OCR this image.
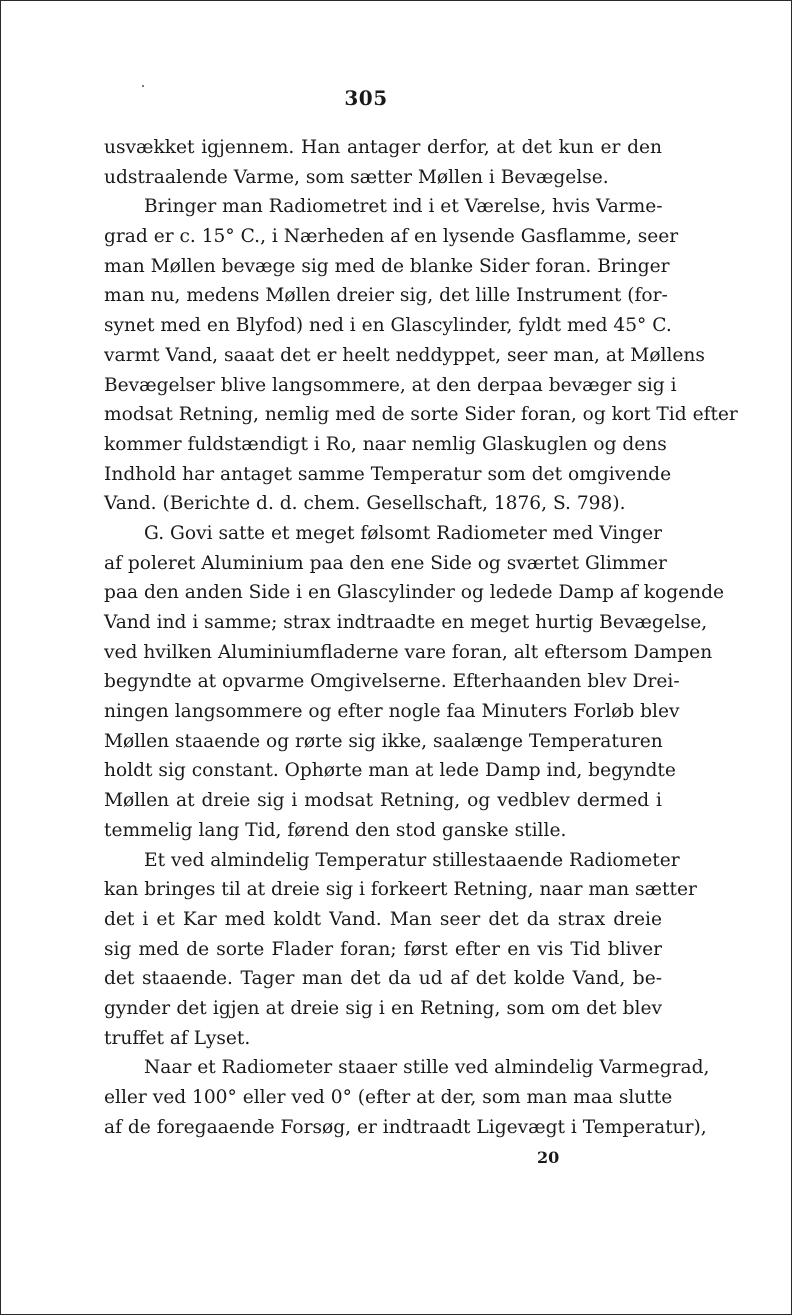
305
usvækket igjennem. Han antager derfor, at det kun er den
udstraalende Varme, som sætter Møllen i Bevægelse.
Bringer man Radiometret ind i et Værelse, hvis Varme-
grad er c. 15° C., i Nærheden af en lysende Gasflamme, seer
man Møllen bevæge sig med de blanke Sider foran. Bringer
man nu, medens Møllen dreier sig, det lille Instrument (for-
synet med en Blyfod) ned i en Glascylinder, fyldt med 45° C.
varmt Vand, saaat det er heelt neddyppet, seer man, at Møllens
Bevægelser blive langsommere, at den derpaa bevæger sig i
modsat Retning, nemlig med de sorte Sider foran, og kort Tid efter
kommer fuldstændigt i Ro, naar nemlig Glaskuglen og dens
Indhold har antaget samme Temperatur som det omgivende
Vand. (Berichte d. d. chem. Gesellschaft, 1876, S. 798).
G. Govi satte et meget følsomt Radiometer med Vinger
af poleret Aluminium paa den ene Side og sværtet Glimmer
paa den anden Side i en Glascylinder og ledede Damp af kogende
Vand ind i samme; strax indtraadte en meget hurtig Bevægelse,
ved hvilken Aluminiumfladerne vare foran, alt eftersom Dampen
begyndte at opvarme Omgivelserne. Efterhaanden blev Drei-
ningen langsommere og efter nogle faa Minuters Forløb blev
Møllen staaende og rørte sig ikke, saalænge Temperaturen
holdt sig constant. Ophørte man at lede Damp ind, begyndte
Møllen at dreie sig i modsat Retning, og vedblev dermed i
temmelig lang Tid, førend den stod ganske stille.
Et ved almindelig Temperatur stillestaaende Radiometer
kan bringes til at dreie sig i forkeert Retning, naar man sætter
det i et Kar med koldt Vand. Man seer det da strax dreie
sig med de sorte Flader foran; først efter en vis Tid bliver
det staaende. Tager man det da ud af det kolde Vand, be-
gynder det igjen at dreie sig i en Retning, som om det blev
truffet af Lyset.
Naar et Radiometer staaer stille ved almindelig Varmegrad,
eller ved 100° eller ved 0° (efter at der, som man maa slutte
af de foregaaende Forsøg, er indtraadt Ligevægt i Temperatur),
20
